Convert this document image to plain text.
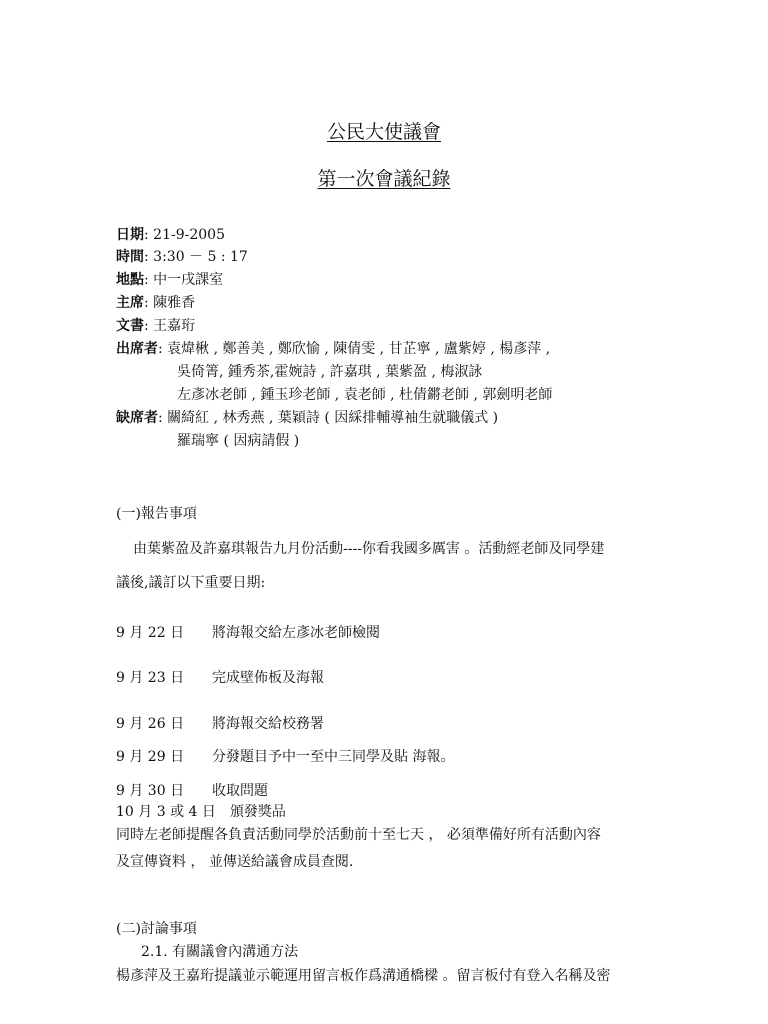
公民大使議會
第一次會議紀錄
日期: 21-9-2005
時間: 3:30 － 5 : 17
地點: 中一戌課室
主席: 陳雅香
文書: 王嘉珩
出席者: 袁煒楸 , 鄭善美 , 鄭欣愉 , 陳倩雯 , 甘芷寧 , 盧紫婷 , 楊彥萍 ,
吳倚箐, 鍾秀茶,霍婉詩 , 許嘉琪 , 葉紫盈 , 梅淑詠
左彥冰老師 , 鍾玉珍老師 , 袁老師 , 杜倩鏘老師 , 郭劍明老師
缺席者: 關綺紅 , 林秀燕 , 葉穎詩 ( 因綵排輔導袖生就職儀式 )
羅瑞寧 ( 因病請假 )
(一)報告事項
由葉紫盈及許嘉琪報告九月份活動----你看我國多厲害 。活動經老師及同學建
議後,議訂以下重要日期:
9 月 22 日 將海報交給左彥冰老師檢閱
9 月 23 日 完成壁佈板及海報
9 月 26 日 將海報交給校務署
9 月 29 日 分發題目予中一至中三同學及貼 海報。
9 月 30 日 收取問題
10 月 3 或 4 日　頒發獎品
同時左老師提醒各負責活動同學於活動前十至七天 ， 必須準備好所有活動內容
及宣傳資料 ， 並傳送給議會成員查閱.
(二)討論事項
2.1. 有關議會內溝通方法
楊彥萍及王嘉珩提議並示範運用留言板作爲溝通橋樑 。留言板付有登入名稱及密
